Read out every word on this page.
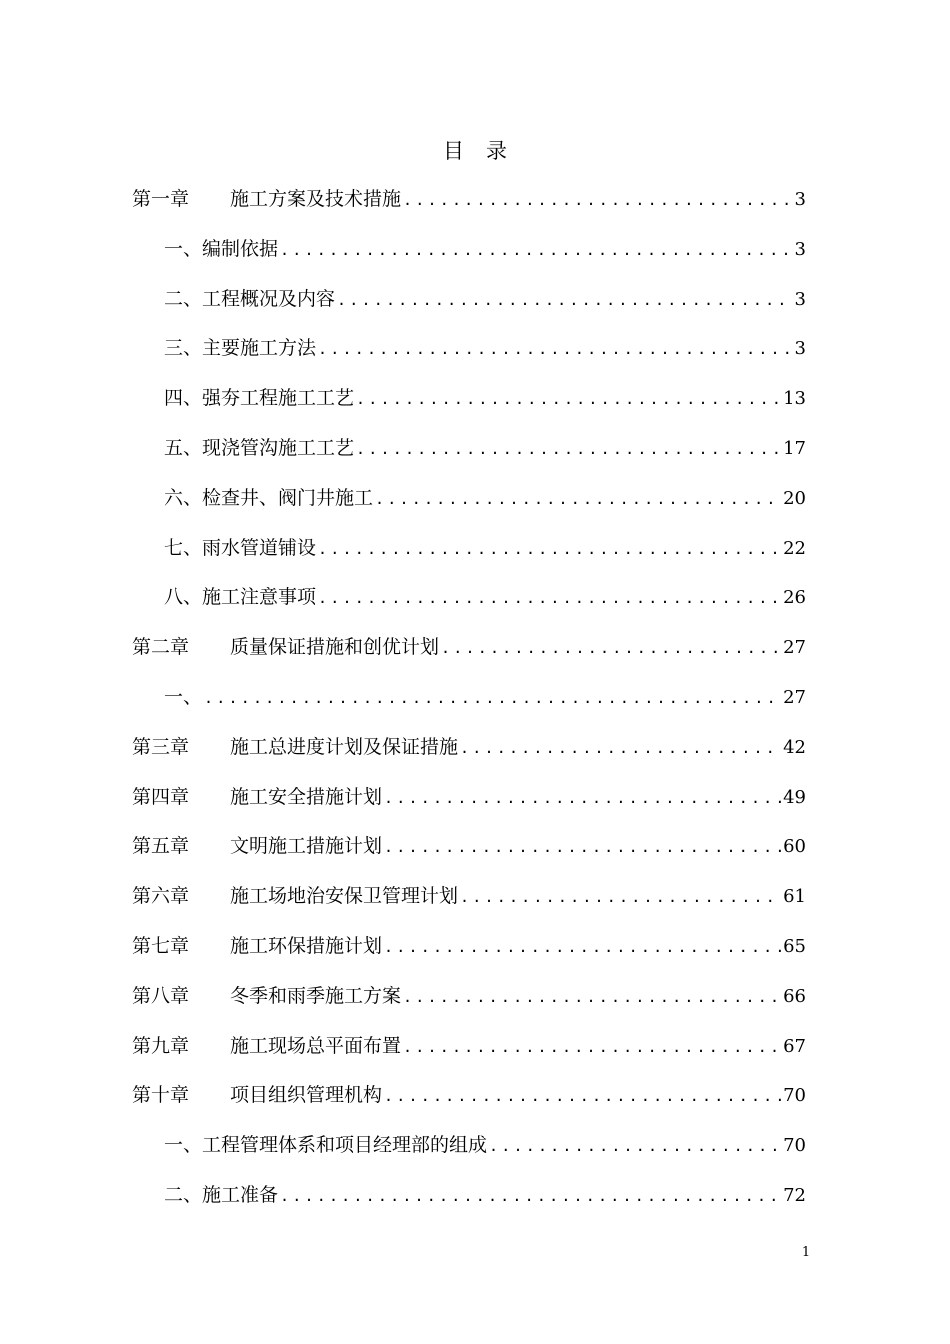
目 录
第一章	施工方案及技术措施 .....	3
一、编制依据 .....	3
二、工程概况及内容 .....	3
三、主要施工方法 .....	3
四、强夯工程施工工艺 .....	13
五、现浇管沟施工工艺 .....	17
六、检查井、阀门井施工 .....	20
七、雨水管道铺设 .....	22
八、施工注意事项 .....	26
第二章	质量保证措施和创优计划 .....	27
一、 .....	27
第三章	施工总进度计划及保证措施 .....	42
第四章	施工安全措施计划 .....	49
第五章	文明施工措施计划 .....	60
第六章	施工场地治安保卫管理计划 .....	61
第七章	施工环保措施计划 .....	65
第八章	冬季和雨季施工方案 .....	66
第九章	施工现场总平面布置 .....	67
第十章	项目组织管理机构 .....	70
一、工程管理体系和项目经理部的组成 .....	70
二、施工准备 .....	72
1
